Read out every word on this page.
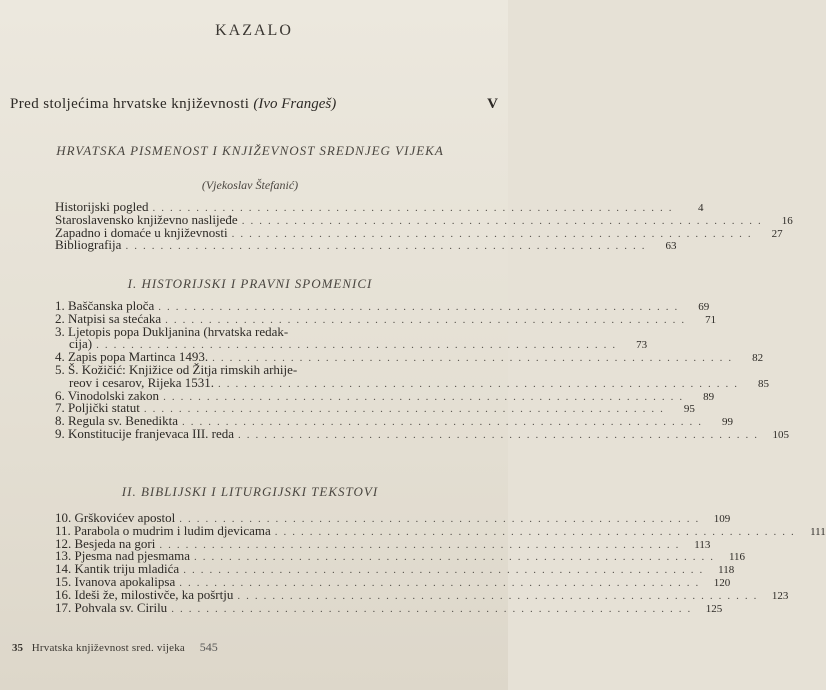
KAZALO
Pred stoljećima hrvatske književnosti (Ivo Frangeš)	V
HRVATSKA PISMENOST I KNJIŽEVNOST SREDNJEG VIJEKA
(Vjekoslav Štefanić)
Historijski pogled ............................................................	4
Staroslavensko književno naslijeđe ............................................................	16
Zapadno i domaće u književnosti ............................................................	27
Bibliografija ............................................................	63
I. HISTORIJSKI I PRAVNI SPOMENICI
1. Baščanska ploča ............................................................	69
2. Natpisi sa stećaka ............................................................	71
3. Ljetopis popa Dukljanina (hrvatska redak-
cija) ............................................................	73
4. Zapis popa Martinca 1493. ............................................................	82
5. Š. Kožičić: Knjižice od Žitja rimskih arhije-
reov i cesarov, Rijeka 1531. ............................................................	85
6. Vinodolski zakon ............................................................	89
7. Poljički statut ............................................................	95
8. Regula sv. Benedikta ............................................................	99
9. Konstitucije franjevaca III. reda ............................................................ 105
II. BIBLIJSKI I LITURGIJSKI TEKSTOVI
10. Grškovićev apostol ............................................................ 109
11. Parabola o mudrim i ludim djevicama ............................................................ 111
12. Besjeda na gori ............................................................ 113
13. Pjesma nad pjesmama ............................................................ 116
14. Kantik triju mladića ............................................................ 118
15. Ivanova apokalipsa ............................................................ 120
16. Ideši že, milostivče, ka pošrtju ............................................................ 123
17. Pohvala sv. Cirilu ............................................................ 125
35 Hrvatska književnost sred. vijeka 545
